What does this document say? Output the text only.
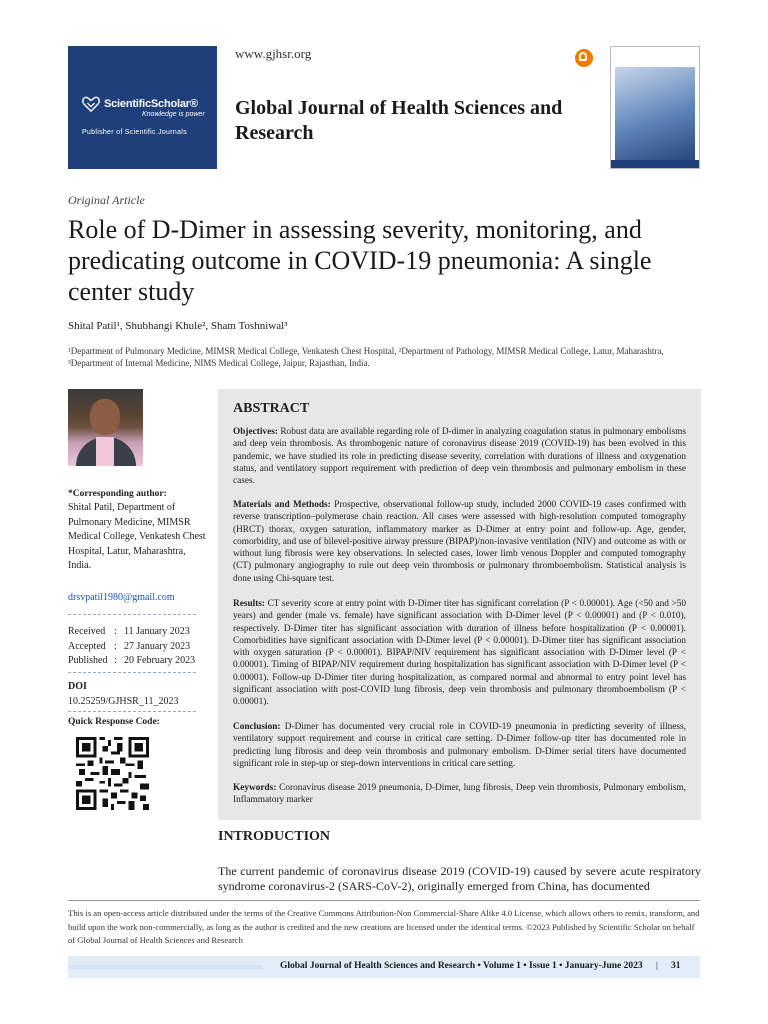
ScientificScholar®
Knowledge is power
Publisher of Scientific Journals
www.gjhsr.org
Global Journal of Health Sciences and Research
Original Article
Role of D-Dimer in assessing severity, monitoring, and predicating outcome in COVID-19 pneumonia: A single center study
Shital Patil¹, Shubhangi Khule², Sham Toshniwal³
¹Department of Pulmonary Medicine, MIMSR Medical College, Venkatesh Chest Hospital, ²Department of Pathology, MIMSR Medical College, Latur, Maharashtra, ³Department of Internal Medicine, NIMS Medical College, Jaipur, Rajasthan, India.
*Corresponding author:
Shital Patil, Department of Pulmonary Medicine, MIMSR Medical College, Venkatesh Chest Hospital, Latur, Maharashtra, India.
drsvpatil1980@gmail.com
Received : 11 January 2023
Accepted : 27 January 2023
Published : 20 February 2023
DOI
10.25259/GJHSR_11_2023
Quick Response Code:
ABSTRACT

Objectives: Robust data are available regarding role of D-dimer in analyzing coagulation status in pulmonary embolisms and deep vein thrombosis. As thrombogenic nature of coronavirus disease 2019 (COVID-19) has been evolved in this pandemic, we have studied its role in predicting disease severity, correlation with durations of illness and oxygenation status, and ventilatory support requirement with prediction of deep vein thrombosis and pulmonary embolism in these cases.

Materials and Methods: Prospective, observational follow-up study, included 2000 COVID-19 cases confirmed with reverse transcription–polymerase chain reaction. All cases were assessed with high-resolution computed tomography (HRCT) thorax, oxygen saturation, inflammatory marker as D-Dimer at entry point and follow-up. Age, gender, comorbidity, and use of bilevel-positive airway pressure (BIPAP)/non-invasive ventilation (NIV) and outcome as with or without lung fibrosis were key observations. In selected cases, lower limb venous Doppler and computed tomography (CT) pulmonary angiography to rule out deep vein thrombosis or pulmonary thromboembolism. Statistical analysis is done using Chi-square test.

Results: CT severity score at entry point with D-Dimer titer has significant correlation (P < 0.00001). Age (<50 and >50 years) and gender (male vs. female) have significant association with D-Dimer level (P < 0.00001) and (P < 0.010), respectively. D-Dimer titer has significant association with duration of illness before hospitalization (P < 0.00001). Comorbidities have significant association with D-Dimer level (P < 0.00001). D-Dimer titer has significant association with oxygen saturation (P < 0.00001). BIPAP/NIV requirement has significant association with D-Dimer level (P < 0.00001). Timing of BIPAP/NIV requirement during hospitalization has significant association with D-Dimer level (P < 0.00001). Follow-up D-Dimer titer during hospitalization, as compared normal and abnormal to entry point level has significant association with post-COVID lung fibrosis, deep vein thrombosis and pulmonary thromboembolism (P < 0.00001).

Conclusion: D-Dimer has documented very crucial role in COVID-19 pneumonia in predicting severity of illness, ventilatory support requirement and course in critical care setting. D-Dimer follow-up titer has documented role in predicting lung fibrosis and deep vein thrombosis and pulmonary embolism. D-Dimer serial titers have documented significant role in step-up or step-down interventions in critical care setting.

Keywords: Coronavirus disease 2019 pneumonia, D-Dimer, lung fibrosis, Deep vein thrombosis, Pulmonary embolism, Inflammatory marker

INTRODUCTION
The current pandemic of coronavirus disease 2019 (COVID-19) caused by severe acute respiratory syndrome coronavirus-2 (SARS-CoV-2), originally emerged from China, has documented
This is an open-access article distributed under the terms of the Creative Commons Attribution-Non Commercial-Share Alike 4.0 License, which allows others to remix, transform, and build upon the work non-commercially, as long as the author is credited and the new creations are licensed under the identical terms. ©2023 Published by Scientific Scholar on behalf of Global Journal of Health Sciences and Research
Global Journal of Health Sciences and Research • Volume 1 • Issue 1 • January-June 2023 | 31
